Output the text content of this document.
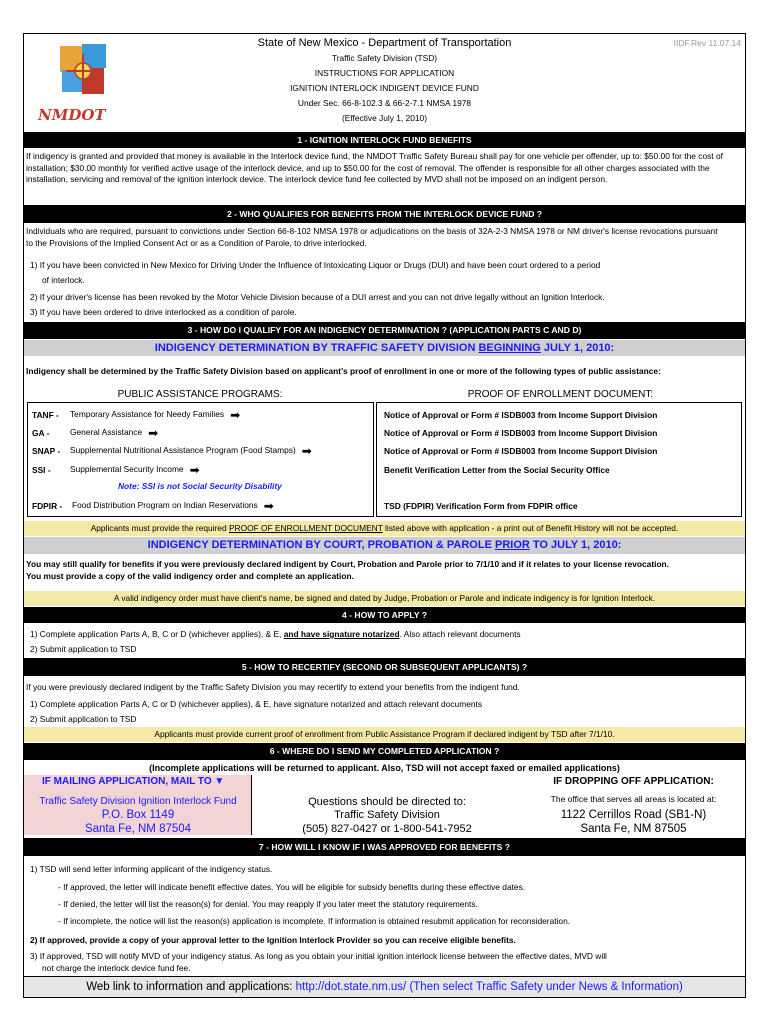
NMDOT
State of New Mexico - Department of Transportation	IIDF.Rev 11.07.14
Traffic Safety Division (TSD)
INSTRUCTIONS FOR APPLICATION
IGNITION INTERLOCK INDIGENT DEVICE FUND
Under Sec. 66-8-102.3 & 66-2-7.1 NMSA 1978
(Effective July 1, 2010)
1 - IGNITION INTERLOCK FUND BENEFITS
If indigency is granted and provided that money is available in the Interlock device fund, the NMDOT Traffic Safety Bureau shall pay for one vehicle per offender, up to: $50.00 for the cost of installation; $30.00 monthly for verified active usage of the interlock device, and up to $50.00 for the cost of removal. The offender is responsible for all other charges associated with the installation, servicing and removal of the ignition interlock device. The interlock device fund fee collected by MVD shall not be imposed on an indigent person.
2 - WHO QUALIFIES FOR BENEFITS FROM THE INTERLOCK DEVICE FUND ?
Individuals who are required, pursuant to convictions under Section 66-8-102 NMSA 1978 or adjudications on the basis of 32A-2-3 NMSA 1978 or NM driver's license revocations pursuant to the Provisions of the Implied Consent Act or as a Condition of Parole, to drive interlocked.
1) If you have been convicted in New Mexico for Driving Under the Influence of Intoxicating Liquor or Drugs (DUI) and have been court ordered to a period
of interlock.
2) If your driver's license has been revoked by the Motor Vehicle Division because of a DUI arrest and you can not drive legally without an Ignition Interlock.
3) If you have been ordered to drive interlocked as a condition of parole.
3 - HOW DO I QUALIFY FOR AN INDIGENCY DETERMINATION ? (APPLICATION PARTS C AND D)
INDIGENCY DETERMINATION BY TRAFFIC SAFETY DIVISION BEGINNING JULY 1, 2010:
Indigency shall be determined by the Traffic Safety Division based on applicant's proof of enrollment in one or more of the following types of public assistance:
PUBLIC ASSISTANCE PROGRAMS:	PROOF OF ENROLLMENT DOCUMENT:
TANF - Temporary Assistance for Needy Families ➡	Notice of Approval or Form # ISDB003 from Income Support Division
GA - General Assistance ➡	Notice of Approval or Form # ISDB003 from Income Support Division
SNAP - Supplemental Nutritional Assistance Program (Food Stamps) ➡	Notice of Approval or Form # ISDB003 from Income Support Division
SSI - Supplemental Security Income ➡	Benefit Verification Letter from the Social Security Office
Note: SSI is not Social Security Disability
FDPIR - Food Distribution Program on Indian Reservations ➡	TSD (FDPIR) Verification Form from FDPIR office
Applicants must provide the required PROOF OF ENROLLMENT DOCUMENT listed above with application - a print out of Benefit History will not be accepted.
INDIGENCY DETERMINATION BY COURT, PROBATION & PAROLE PRIOR TO JULY 1, 2010:
You may still qualify for benefits if you were previously declared indigent by Court, Probation and Parole prior to 7/1/10 and if it relates to your license revocation.
You must provide a copy of the valid indigency order and complete an application.
A valid indigency order must have client's name, be signed and dated by Judge, Probation or Parole and indicate indigency is for Ignition Interlock.
4 - HOW TO APPLY ?
1) Complete application Parts A, B, C or D (whichever applies), & E, and have signature notarized. Also attach relevant documents
2) Submit application to TSD
5 - HOW TO RECERTIFY (SECOND OR SUBSEQUENT APPLICANTS) ?
If you were previously declared indigent by the Traffic Safety Division you may recertify to extend your benefits from the indigent fund.
1) Complete application Parts A, C or D (whichever applies), & E, have signature notarized and attach relevant documents
2) Submit application to TSD
Applicants must provide current proof of enrollment from Public Assistance Program if declared indigent by TSD after 7/1/10.
6 - WHERE DO I SEND MY COMPLETED APPLICATION ?
(Incomplete applications will be returned to applicant. Also, TSD will not accept faxed or emailed applications)
IF MAILING APPLICATION, MAIL TO ▼
Traffic Safety Division Ignition Interlock Fund
P.O. Box 1149
Santa Fe, NM 87504
Questions should be directed to:
Traffic Safety Division
(505) 827-0427 or 1-800-541-7952
IF DROPPING OFF APPLICATION:
The office that serves all areas is located at:
1122 Cerrillos Road (SB1-N)
Santa Fe, NM 87505
7 - HOW WILL I KNOW IF I WAS APPROVED FOR BENEFITS ?
1) TSD will send letter informing applicant of the indigency status.
- If approved, the letter will indicate benefit effective dates. You will be eligible for subsidy benefits during these effective dates.
- If denied, the letter will list the reason(s) for denial. You may reapply if you later meet the statutory requirements.
- If incomplete, the notice will list the reason(s) application is incomplete. If information is obtained resubmit application for reconsideration.
2) If approved, provide a copy of your approval letter to the Ignition Interlock Provider so you can receive eligible benefits.
3) If approved, TSD will notify MVD of your indigency status. As long as you obtain your initial ignition interlock license between the effective dates, MVD will
not charge the interlock device fund fee.
Web link to information and applications: http://dot.state.nm.us/ (Then select Traffic Safety under News & Information)
